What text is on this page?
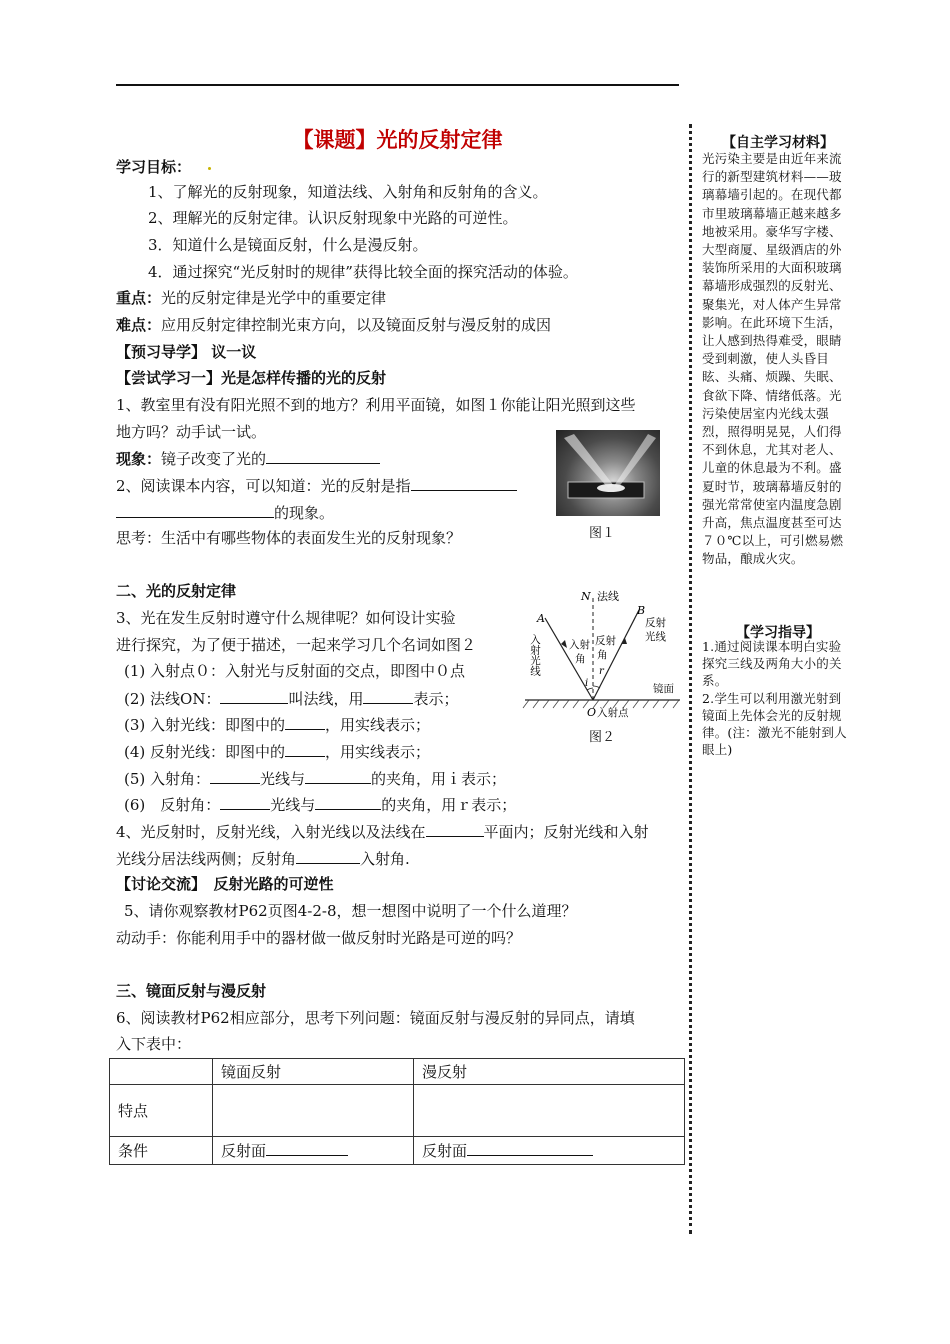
【课题】光的反射定律
学习目标：
1、了解光的反射现象，知道法线、入射角和反射角的含义。
2、理解光的反射定律。认识反射现象中光路的可逆性。
3．知道什么是镜面反射，什么是漫反射。
4．通过探究“光反射时的规律”获得比较全面的探究活动的体验。
重点：光的反射定律是光学中的重要定律
难点：应用反射定律控制光束方向，以及镜面反射与漫反射的成因
【预习导学】 议一议
【尝试学习一】光是怎样传播的光的反射
1、教室里有没有阳光照不到的地方？利用平面镜，如图１你能让阳光照到这些
地方吗？动手试一试。
现象：镜子改变了光的
2、阅读课本内容，可以知道：光的反射是指
的现象。
思考：生活中有哪些物体的表面发生光的反射现象？	图１
二、光的反射定律
3、光在发生反射时遵守什么规律呢？如何设计实验
进行探究，为了便于描述，一起来学习几个名词如图２
(1) 入射点０：入射光与反射面的交点，即图中０点
(2) 法线ON：	叫法线，用	表示；
(3) 入射光线：即图中的	，用实线表示；
(4) 反射光线：即图中的	，用实线表示；
(5) 入射角：	光线与	的夹角，用ｉ表示；
(6)　反射角：	光线与	的夹角，用ｒ表示；
4、光反射时，反射光线，入射光线以及法线在	平面内；反射光线和入射
光线分居法线两侧；反射角	入射角.
N 法线
A
B
入射光线
反射
光线
入射
角
反射
角
i
r
O 入射点
镜面
图２
【讨论交流】　反射光路的可逆性
5、请你观察教材P62页图4-2-8，想一想图中说明了一个什么道理？
动动手：你能利用手中的器材做一做反射时光路是可逆的吗？
三、镜面反射与漫反射
6、阅读教材P62相应部分，思考下列问题：镜面反射与漫反射的异同点，请填
入下表中：
	镜面反射	漫反射
特点		
条件	反射面	反射面
【自主学习材料】
光污染主要是由近年来流行的新型建筑材料——玻璃幕墙引起的。在现代都市里玻璃幕墙正越来越多地被采用。豪华写字楼、大型商厦、星级酒店的外装饰所采用的大面积玻璃幕墙形成强烈的反射光、聚集光，对人体产生异常影响。在此环境下生活，让人感到热得难受，眼睛受到刺激，使人头昏目眩、头痛、烦躁、失眠、食欲下降、情绪低落。光污染使居室内光线太强烈，照得明晃晃，人们得不到休息，尤其对老人、儿童的休息最为不利。盛夏时节，玻璃幕墙反射的强光常常使室内温度急剧升高，焦点温度甚至可达７０℃以上，可引燃易燃物品，酿成火灾。
【学习指导】
1.通过阅读课本明白实验探究三线及两角大小的关系。
2.学生可以利用激光射到镜面上先体会光的反射规律。(注：激光不能射到人眼上)
